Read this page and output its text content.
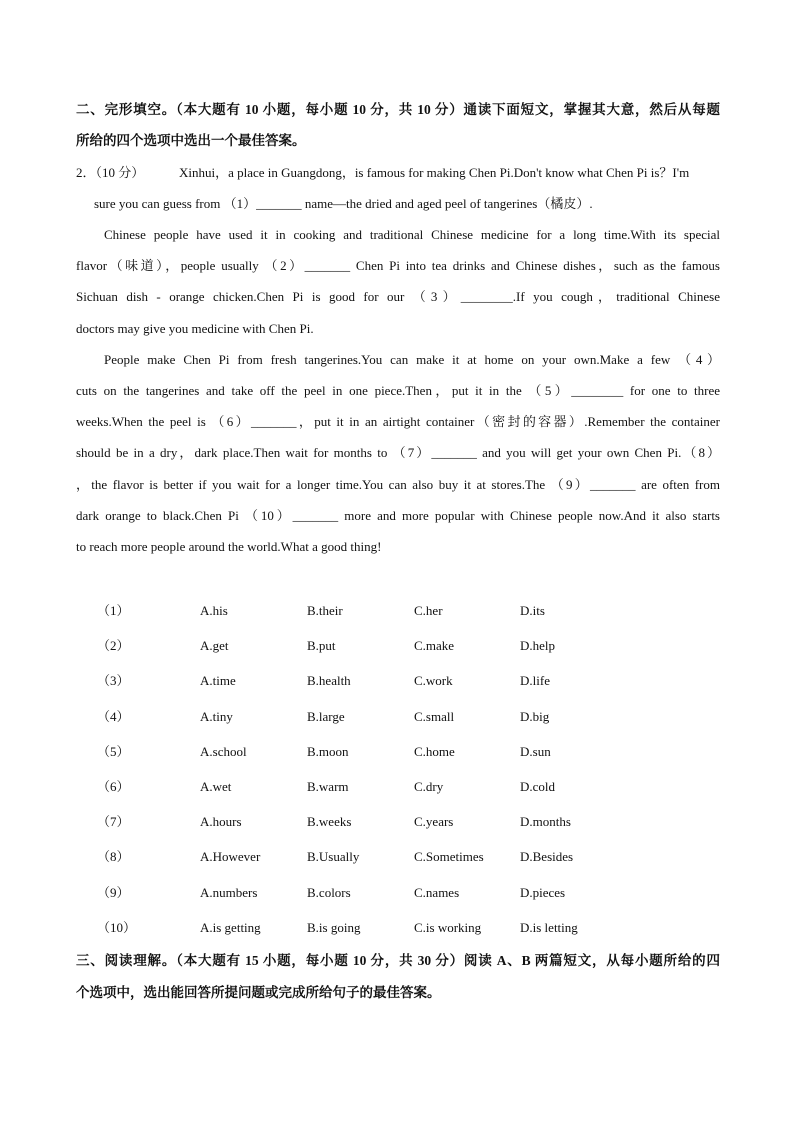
二、完形填空。（本大题有 10 小题，每小题 10 分，共 10 分）通读下面短文，掌握其大意，然后从每题
所给的四个选项中选出一个最佳答案。
2．（10 分）	Xinhui，a place in Guangdong，is famous for making Chen Pi.Don't know what Chen Pi is？I'm
sure you can guess from （1）_______ name—the dried and aged peel of tangerines（橘皮）.
Chinese people have used it in cooking and traditional Chinese medicine for a long time.With its special
flavor（味道），people usually （2）_______ Chen Pi into tea drinks and Chinese dishes，such as the famous
Sichuan dish - orange chicken.Chen Pi is good for our （3）________.If you cough，traditional Chinese
doctors may give you medicine with Chen Pi.
People make Chen Pi from fresh tangerines.You can make it at home on your own.Make a few （4）
cuts on the tangerines and take off the peel in one piece.Then，put it in the （5）________ for one to three
weeks.When the peel is （6）_______，put it in an airtight container（密封的容器）.Remember the container
should be in a dry，dark place.Then wait for months to （7）_______ and you will get your own Chen Pi.（8）
，the flavor is better if you wait for a longer time.You can also buy it at stores.The （9）_______ are often from
dark orange to black.Chen Pi （10）_______ more and more popular with Chinese people now.And it also starts
to reach more people around the world.What a good thing!
（1）	A.his	B.their	C.her	D.its
（2）	A.get	B.put	C.make	D.help
（3）	A.time	B.health	C.work	D.life
（4）	A.tiny	B.large	C.small	D.big
（5）	A.school	B.moon	C.home	D.sun
（6）	A.wet	B.warm	C.dry	D.cold
（7）	A.hours	B.weeks	C.years	D.months
（8）	A.However	B.Usually	C.Sometimes	D.Besides
（9）	A.numbers	B.colors	C.names	D.pieces
（10）	A.is getting	B.is going	C.is working	D.is letting
三、阅读理解。（本大题有 15 小题，每小题 10 分，共 30 分）阅读 A、B 两篇短文，从每小题所给的四
个选项中，选出能回答所提问题或完成所给句子的最佳答案。
